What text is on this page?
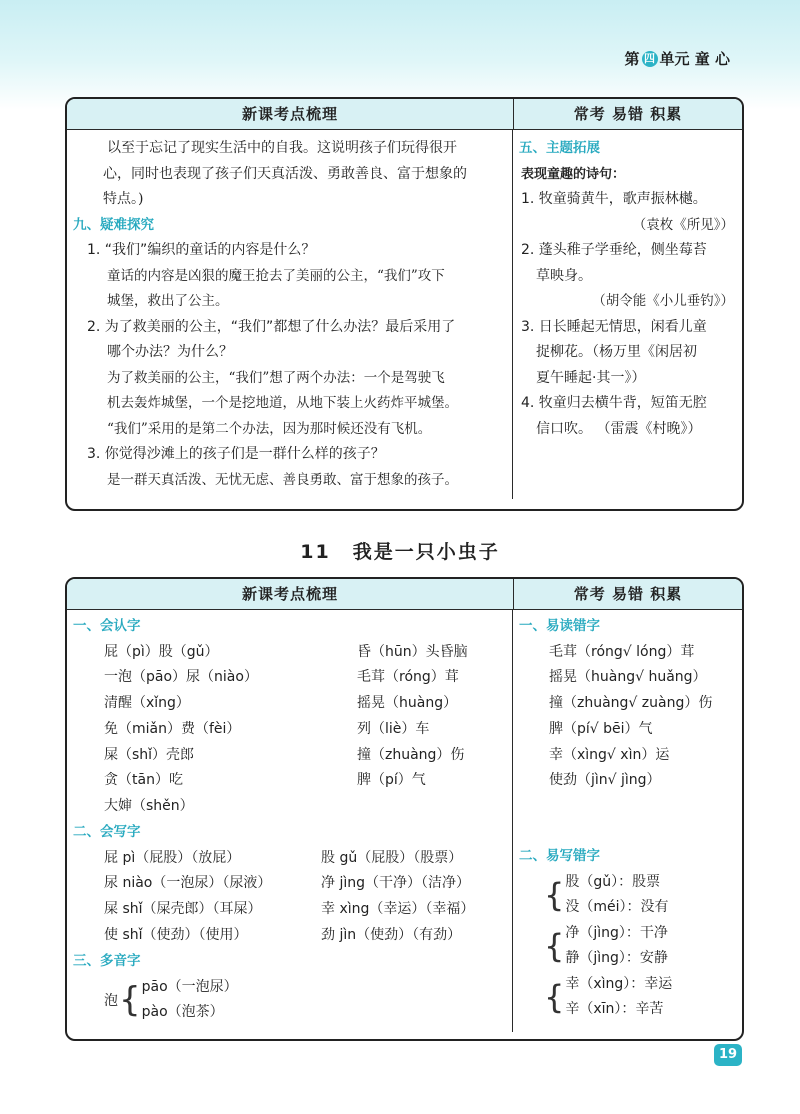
第 四 单元 童 心
新课考点梳理	常考 易错 积累
以至于忘记了现实生活中的自我。这说明孩子们玩得很开
心，同时也表现了孩子们天真活泼、勇敢善良、富于想象的
特点。)
九、疑难探究
1. “我们”编织的童话的内容是什么？
童话的内容是凶狠的魔王抢去了美丽的公主，“我们”攻下
城堡，救出了公主。
2. 为了救美丽的公主，“我们”都想了什么办法？最后采用了
哪个办法？为什么？
为了救美丽的公主，“我们”想了两个办法：一个是驾驶飞
机去轰炸城堡，一个是挖地道，从地下装上火药炸平城堡。
“我们”采用的是第二个办法，因为那时候还没有飞机。
3. 你觉得沙滩上的孩子们是一群什么样的孩子？
是一群天真活泼、无忧无虑、善良勇敢、富于想象的孩子。
五、主题拓展
表现童趣的诗句：
1. 牧童骑黄牛，歌声振林樾。
（袁枚《所见》）
2. 蓬头稚子学垂纶，侧坐莓苔
草映身。
（胡令能《小儿垂钓》）
3. 日长睡起无情思，闲看儿童
捉柳花。（杨万里《闲居初
夏午睡起·其一》）
4. 牧童归去横牛背，短笛无腔
信口吹。 （雷震《村晚》）
11 我是一只小虫子
新课考点梳理	常考 易错 积累
一、会认字
屁（pì）股（gǔ）
一泡（pāo）尿（niào）
清醒（xǐng）
免（miǎn）费（fèi）
屎（shǐ）壳郎
贪（tān）吃
大婶（shěn）
昏（hūn）头昏脑
毛茸（róng）茸
摇晃（huàng）
列（liè）车
撞（zhuàng）伤
脾（pí）气
二、会写字
屁 pì（屁股）（放屁）
尿 niào（一泡尿）（尿液）
屎 shǐ（屎壳郎）（耳屎）
使 shǐ（使劲）（使用）
股 gǔ（屁股）（股票）
净 jìng（干净）（洁净）
幸 xìng（幸运）（幸福）
劲 jìn（使劲）（有劲）
三、多音字
泡 { pāo（一泡尿）
pào（泡茶）
一、易读错字
毛茸（róng√ lóng）茸
摇晃（huàng√ huǎng）
撞（zhuàng√ zuàng）伤
脾（pí√ bēi）气
幸（xìng√ xìn）运
使劲（jìn√ jìng）
二、易写错字
{ 股（gǔ）：股票
没（méi）：没有
{ 净（jìng）：干净
静（jìng）：安静
{ 幸（xìng）：幸运
辛（xīn）：辛苦
19
